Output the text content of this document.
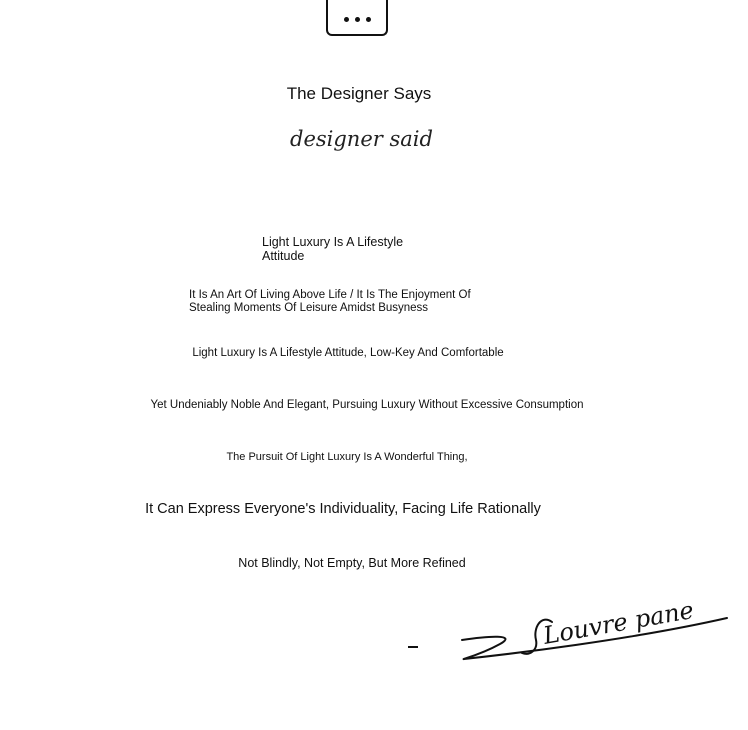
The Designer Says
designer said
Light Luxury Is A Lifestyle Attitude
It Is An Art Of Living Above Life / It Is The Enjoyment Of Stealing Moments Of Leisure Amidst Busyness
Light Luxury Is A Lifestyle Attitude, Low-Key And Comfortable
Yet Undeniably Noble And Elegant, Pursuing Luxury Without Excessive Consumption
The Pursuit Of Light Luxury Is A Wonderful Thing,
It Can Express Everyone's Individuality, Facing Life Rationally
Not Blindly, Not Empty, But More Refined
Louvre pane
